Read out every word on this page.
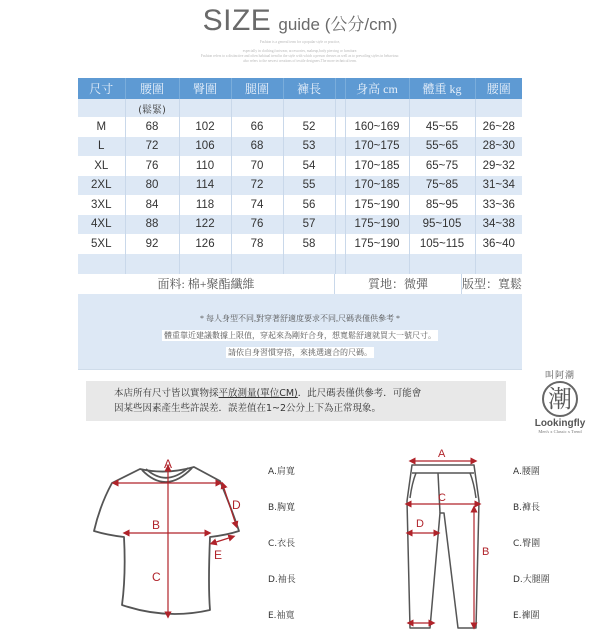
SIZE guide (公分/cm)
Fashion is a general term for a popular style or practice,
especially in clothing,footwear, accessories, makeup,body piercing or furniture.
Fashion refers to a distinctive and often habitual trend in the style with which a person dresses as well as to prevailing styles in behaviour.
also refers to the newest creations of textile designers.The more technical term.
尺寸	腰圍	臀圍	腿圍	褲長		身高 cm	體重 kg	腰圍
	(鬆緊)							
M	68	102	66	52		160~169	45~55	26~28
L	72	106	68	53		170~175	55~65	28~30
XL	76	110	70	54		170~185	65~75	29~32
2XL	80	114	72	55		170~185	75~85	31~34
3XL	84	118	74	56		175~190	85~95	33~36
4XL	88	122	76	57		175~190	95~105	34~38
5XL	92	126	78	58		175~190	105~115	36~40

面料: 棉+聚酯纖維	質地：微彈	版型：寬鬆
* 每人身型不同,對穿著舒適度要求不同,尺碼表僅供參考 *
體重靠近建議數據上限值，穿起來為剛好合身，想寬鬆舒適就買大一號尺寸。
請依自身習慣穿搭，來挑選適合的尺碼。
本店所有尺寸皆以實物採平放測量(單位CM)．此尺碼表僅供參考．可能會
因某些因素產生些許誤差．誤差值在1~2公分上下為正常現象。
叫阿潮
潮
Lookingfly
Men's x Classic x Trend
A
B
C
D
E
A.肩寬
B.胸寬
C.衣長
D.袖長
E.袖寬
A
C
D
B
A.腰圍
B.褲長
C.臀圍
D.大腿圍
E.褲圍
